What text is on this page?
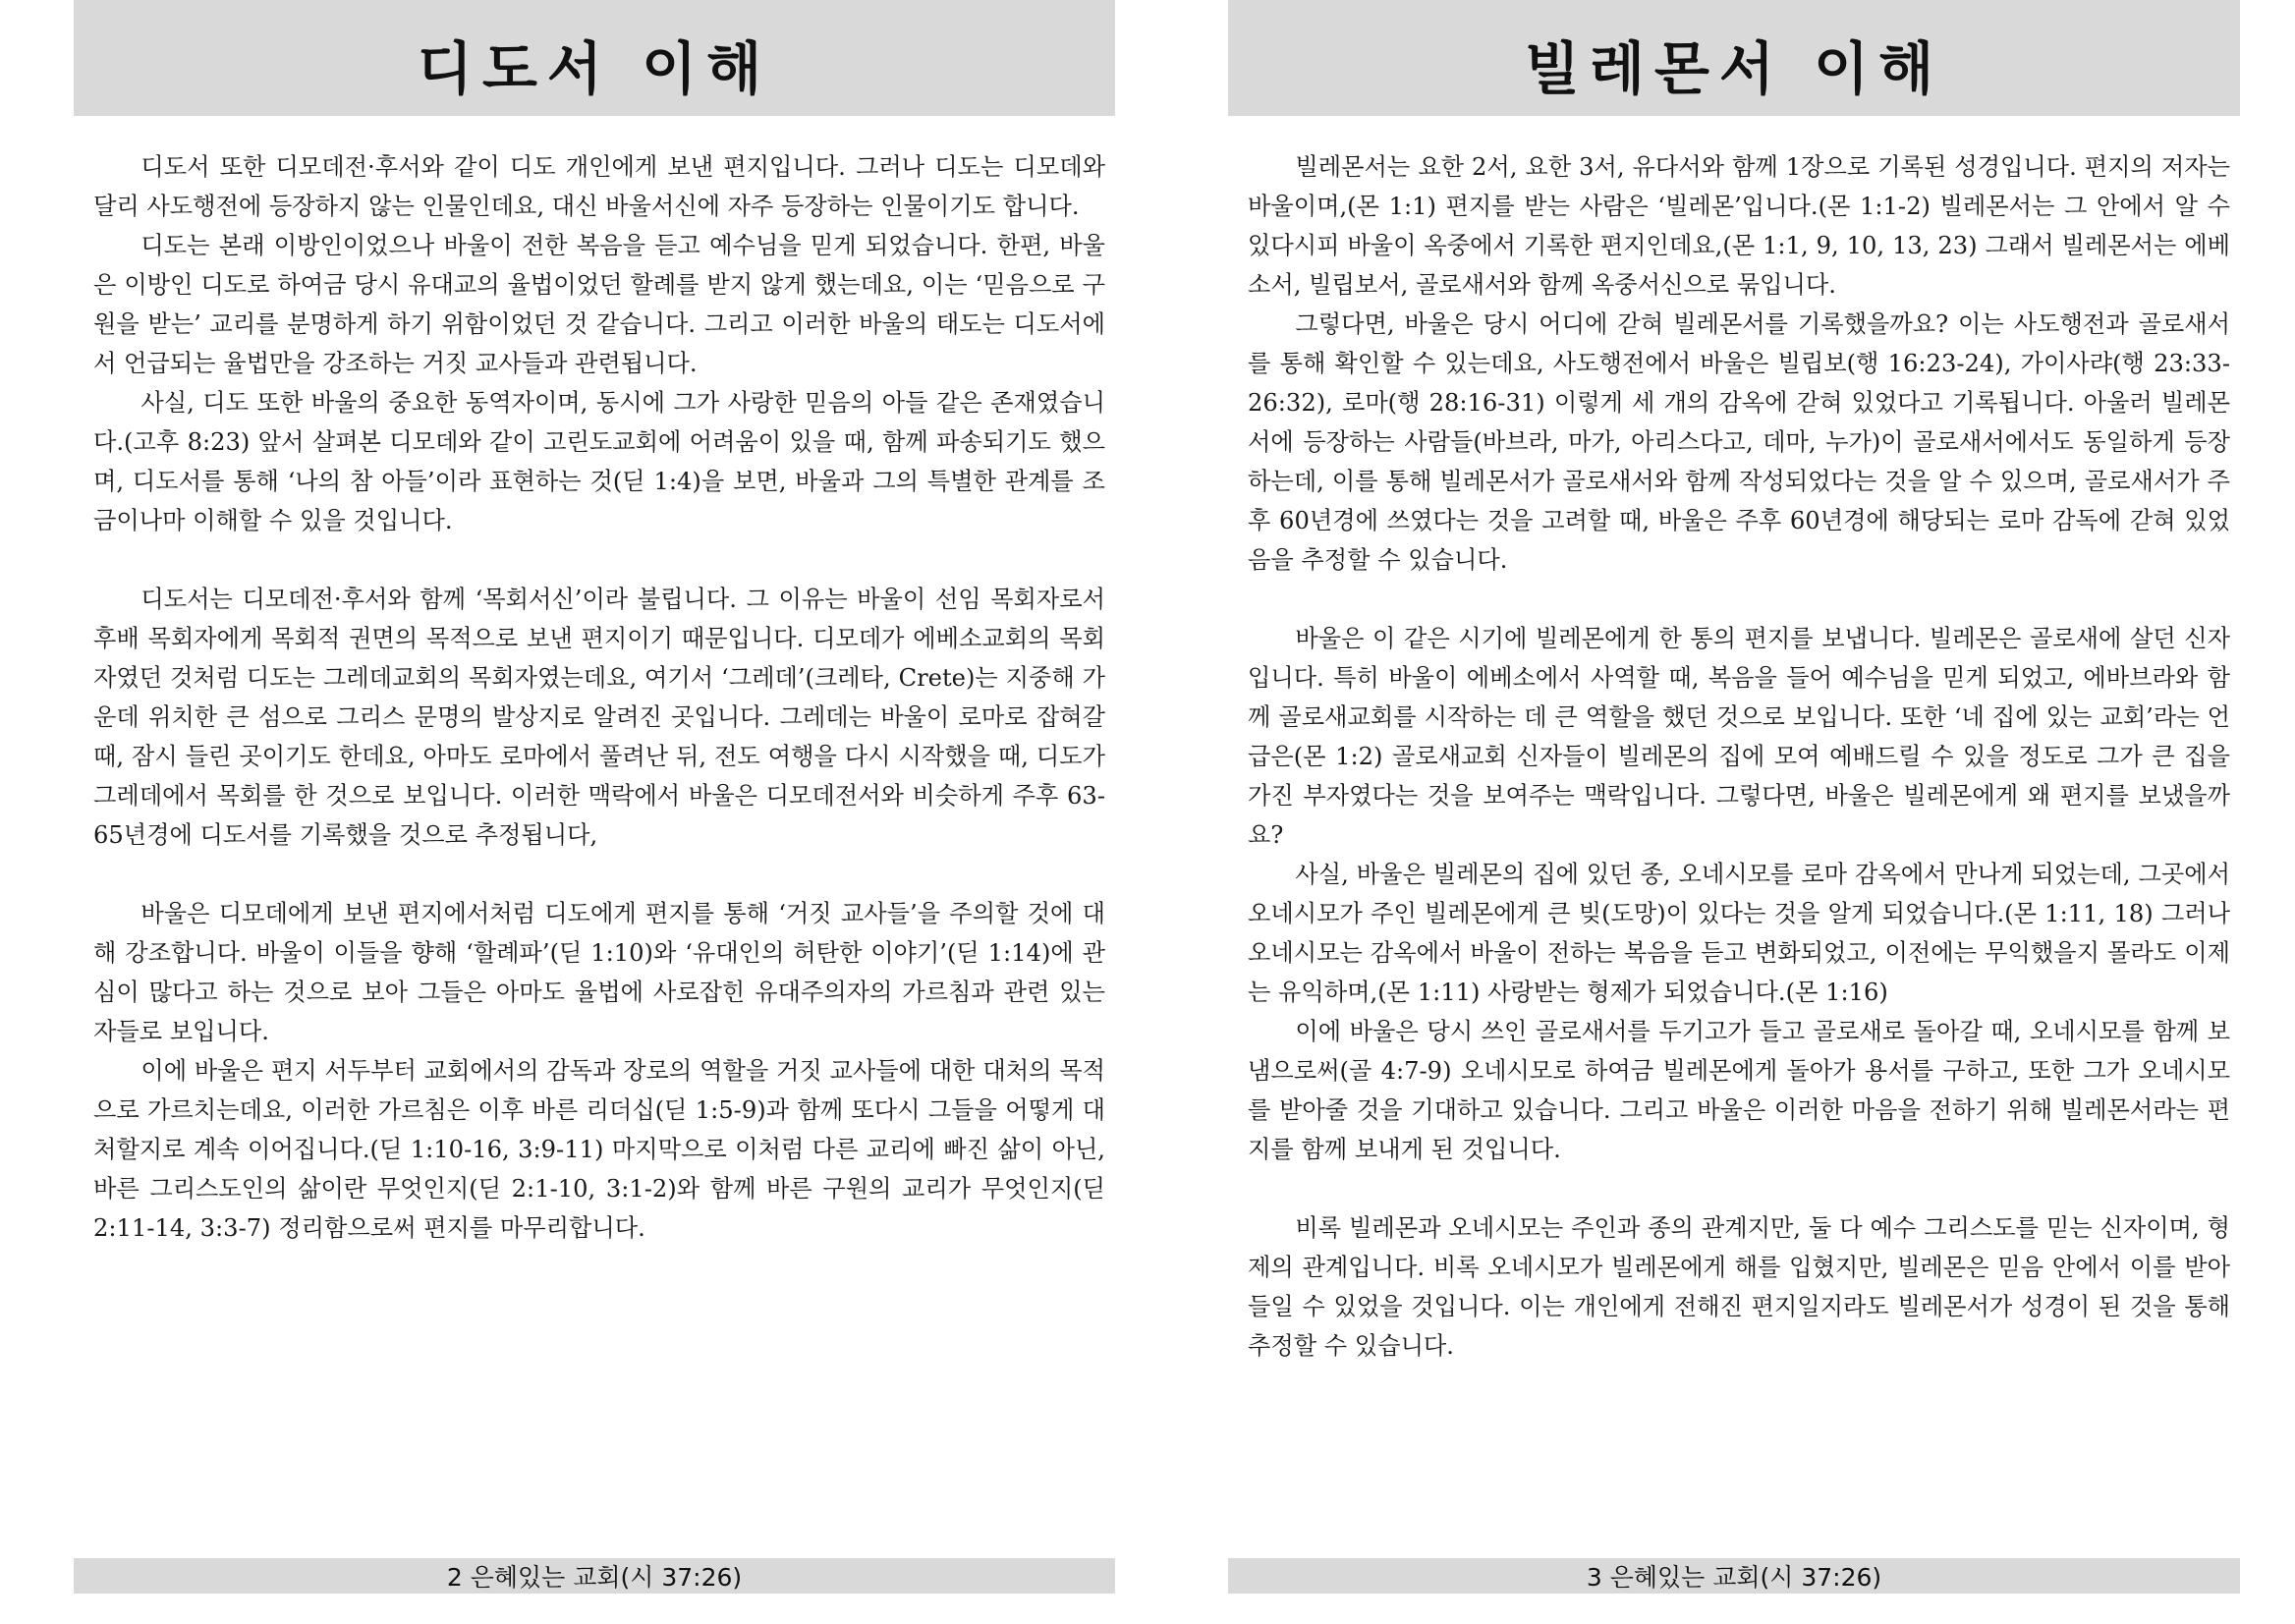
디도서 이해

디도서 또한 디모데전·후서와 같이 디도 개인에게 보낸 편지입니다. 그러나 디도는 디모데와 달리 사도행전에 등장하지 않는 인물인데요, 대신 바울서신에 자주 등장하는 인물이기도 합니다.

디도는 본래 이방인이었으나 바울이 전한 복음을 듣고 예수님을 믿게 되었습니다. 한편, 바울은 이방인 디도로 하여금 당시 유대교의 율법이었던 할례를 받지 않게 했는데요, 이는 ‘믿음으로 구원을 받는’ 교리를 분명하게 하기 위함이었던 것 같습니다. 그리고 이러한 바울의 태도는 디도서에서 언급되는 율법만을 강조하는 거짓 교사들과 관련됩니다.

사실, 디도 또한 바울의 중요한 동역자이며, 동시에 그가 사랑한 믿음의 아들 같은 존재였습니다.(고후 8:23) 앞서 살펴본 디모데와 같이 고린도교회에 어려움이 있을 때, 함께 파송되기도 했으며, 디도서를 통해 ‘나의 참 아들’이라 표현하는 것(딛 1:4)을 보면, 바울과 그의 특별한 관계를 조금이나마 이해할 수 있을 것입니다.

디도서는 디모데전·후서와 함께 ‘목회서신’이라 불립니다. 그 이유는 바울이 선임 목회자로서 후배 목회자에게 목회적 권면의 목적으로 보낸 편지이기 때문입니다. 디모데가 에베소교회의 목회자였던 것처럼 디도는 그레데교회의 목회자였는데요, 여기서 ‘그레데’(크레타, Crete)는 지중해 가운데 위치한 큰 섬으로 그리스 문명의 발상지로 알려진 곳입니다. 그레데는 바울이 로마로 잡혀갈 때, 잠시 들린 곳이기도 한데요, 아마도 로마에서 풀려난 뒤, 전도 여행을 다시 시작했을 때, 디도가 그레데에서 목회를 한 것으로 보입니다. 이러한 맥락에서 바울은 디모데전서와 비슷하게 주후 63-65년경에 디도서를 기록했을 것으로 추정됩니다,

바울은 디모데에게 보낸 편지에서처럼 디도에게 편지를 통해 ‘거짓 교사들’을 주의할 것에 대해 강조합니다. 바울이 이들을 향해 ‘할례파’(딛 1:10)와 ‘유대인의 허탄한 이야기’(딛 1:14)에 관심이 많다고 하는 것으로 보아 그들은 아마도 율법에 사로잡힌 유대주의자의 가르침과 관련 있는 자들로 보입니다.

이에 바울은 편지 서두부터 교회에서의 감독과 장로의 역할을 거짓 교사들에 대한 대처의 목적으로 가르치는데요, 이러한 가르침은 이후 바른 리더십(딛 1:5-9)과 함께 또다시 그들을 어떻게 대처할지로 계속 이어집니다.(딛 1:10-16, 3:9-11) 마지막으로 이처럼 다른 교리에 빠진 삶이 아닌, 바른 그리스도인의 삶이란 무엇인지(딛 2:1-10, 3:1-2)와 함께 바른 구원의 교리가 무엇인지(딛 2:11-14, 3:3-7) 정리함으로써 편지를 마무리합니다.

2 은혜있는 교회(시 37:26)
빌레몬서 이해

빌레몬서는 요한 2서, 요한 3서, 유다서와 함께 1장으로 기록된 성경입니다. 편지의 저자는 바울이며,(몬 1:1) 편지를 받는 사람은 ‘빌레몬’입니다.(몬 1:1-2) 빌레몬서는 그 안에서 알 수 있다시피 바울이 옥중에서 기록한 편지인데요,(몬 1:1, 9, 10, 13, 23) 그래서 빌레몬서는 에베소서, 빌립보서, 골로새서와 함께 옥중서신으로 묶입니다.

그렇다면, 바울은 당시 어디에 갇혀 빌레몬서를 기록했을까요? 이는 사도행전과 골로새서를 통해 확인할 수 있는데요, 사도행전에서 바울은 빌립보(행 16:23-24), 가이사랴(행 23:33-26:32), 로마(행 28:16-31) 이렇게 세 개의 감옥에 갇혀 있었다고 기록됩니다. 아울러 빌레몬서에 등장하는 사람들(바브라, 마가, 아리스다고, 데마, 누가)이 골로새서에서도 동일하게 등장하는데, 이를 통해 빌레몬서가 골로새서와 함께 작성되었다는 것을 알 수 있으며, 골로새서가 주후 60년경에 쓰였다는 것을 고려할 때, 바울은 주후 60년경에 해당되는 로마 감독에 갇혀 있었음을 추정할 수 있습니다.

바울은 이 같은 시기에 빌레몬에게 한 통의 편지를 보냅니다. 빌레몬은 골로새에 살던 신자입니다. 특히 바울이 에베소에서 사역할 때, 복음을 들어 예수님을 믿게 되었고, 에바브라와 함께 골로새교회를 시작하는 데 큰 역할을 했던 것으로 보입니다. 또한 ‘네 집에 있는 교회’라는 언급은(몬 1:2) 골로새교회 신자들이 빌레몬의 집에 모여 예배드릴 수 있을 정도로 그가 큰 집을 가진 부자였다는 것을 보여주는 맥락입니다. 그렇다면, 바울은 빌레몬에게 왜 편지를 보냈을까요?

사실, 바울은 빌레몬의 집에 있던 종, 오네시모를 로마 감옥에서 만나게 되었는데, 그곳에서 오네시모가 주인 빌레몬에게 큰 빚(도망)이 있다는 것을 알게 되었습니다.(몬 1:11, 18) 그러나 오네시모는 감옥에서 바울이 전하는 복음을 듣고 변화되었고, 이전에는 무익했을지 몰라도 이제는 유익하며,(몬 1:11) 사랑받는 형제가 되었습니다.(몬 1:16)

이에 바울은 당시 쓰인 골로새서를 두기고가 들고 골로새로 돌아갈 때, 오네시모를 함께 보냄으로써(골 4:7-9) 오네시모로 하여금 빌레몬에게 돌아가 용서를 구하고, 또한 그가 오네시모를 받아줄 것을 기대하고 있습니다. 그리고 바울은 이러한 마음을 전하기 위해 빌레몬서라는 편지를 함께 보내게 된 것입니다.

비록 빌레몬과 오네시모는 주인과 종의 관계지만, 둘 다 예수 그리스도를 믿는 신자이며, 형제의 관계입니다. 비록 오네시모가 빌레몬에게 해를 입혔지만, 빌레몬은 믿음 안에서 이를 받아들일 수 있었을 것입니다. 이는 개인에게 전해진 편지일지라도 빌레몬서가 성경이 된 것을 통해 추정할 수 있습니다.

3 은혜있는 교회(시 37:26)
